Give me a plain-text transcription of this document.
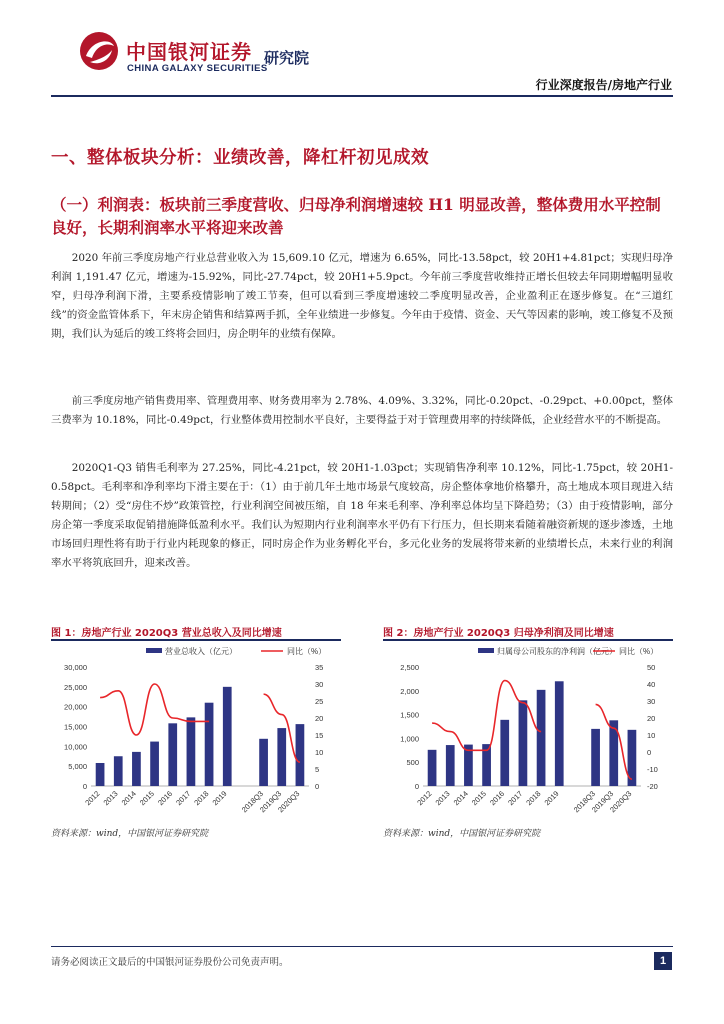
中国银河证券
CHINA GALAXY SECURITIES
研究院
行业深度报告/房地产行业
一、整体板块分析：业绩改善，降杠杆初见成效
（一）利润表：板块前三季度营收、归母净利润增速较 H1 明显改善，整体费用水平控制良好，长期利润率水平将迎来改善
2020 年前三季度房地产行业总营业收入为 15,609.10 亿元，增速为 6.65%，同比-13.58pct，较 20H1+4.81pct；实现归母净利润 1,191.47 亿元，增速为-15.92%，同比-27.74pct，较 20H1+5.9pct。今年前三季度营收维持正增长但较去年同期增幅明显收窄，归母净利润下滑，主要系疫情影响了竣工节奏，但可以看到三季度增速较二季度明显改善，企业盈利正在逐步修复。在“三道红线”的资金监管体系下，年末房企销售和结算两手抓，全年业绩进一步修复。今年由于疫情、资金、天气等因素的影响，竣工修复不及预期，我们认为延后的竣工终将会回归，房企明年的业绩有保障。
前三季度房地产销售费用率、管理费用率、财务费用率为 2.78%、4.09%、3.32%，同比-0.20pct、-0.29pct、+0.00pct，整体三费率为 10.18%，同比-0.49pct，行业整体费用控制水平良好，主要得益于对于管理费用率的持续降低，企业经营水平的不断提高。
2020Q1-Q3 销售毛利率为 27.25%，同比-4.21pct，较 20H1-1.03pct；实现销售净利率 10.12%，同比-1.75pct，较 20H1-0.58pct。毛利率和净利率均下滑主要在于：（1）由于前几年土地市场景气度较高，房企整体拿地价格攀升，高土地成本项目现进入结转期间；（2）受“房住不炒”政策管控，行业利润空间被压缩，自 18 年来毛利率、净利率总体均呈下降趋势；（3）由于疫情影响，部分房企第一季度采取促销措施降低盈利水平。我们认为短期内行业利润率水平仍有下行压力，但长期来看随着融资新规的逐步渗透，土地市场回归理性将有助于行业内耗现象的修正，同时房企作为业务孵化平台，多元化业务的发展将带来新的业绩增长点，未来行业的利润率水平将筑底回升，迎来改善。
图 1：房地产行业 2020Q3 营业总收入及同比增速
营业总收入（亿元）	同比（%）
0
5,000
10,000
15,000
20,000
25,000
30,000
0
5
10
15
20
25
30
35
2012 2013 2014 2015 2016 2017 2018 2019 2018Q3
2019Q3
2020Q3
资料来源：wind，中国银河证券研究院
图 2：房地产行业 2020Q3 归母净利润及同比增速
归属母公司股东的净利润（亿元） 同比（%）
0
500
1,000
1,500
2,000
2,500
-20
-10
0
10
20
30
40
50
2012 2013 2014 2015 2016 2017 2018 2019 2018Q3
2019Q3
2020Q3
资料来源：wind，中国银河证券研究院
请务必阅读正文最后的中国银河证券股份公司免责声明。	1
